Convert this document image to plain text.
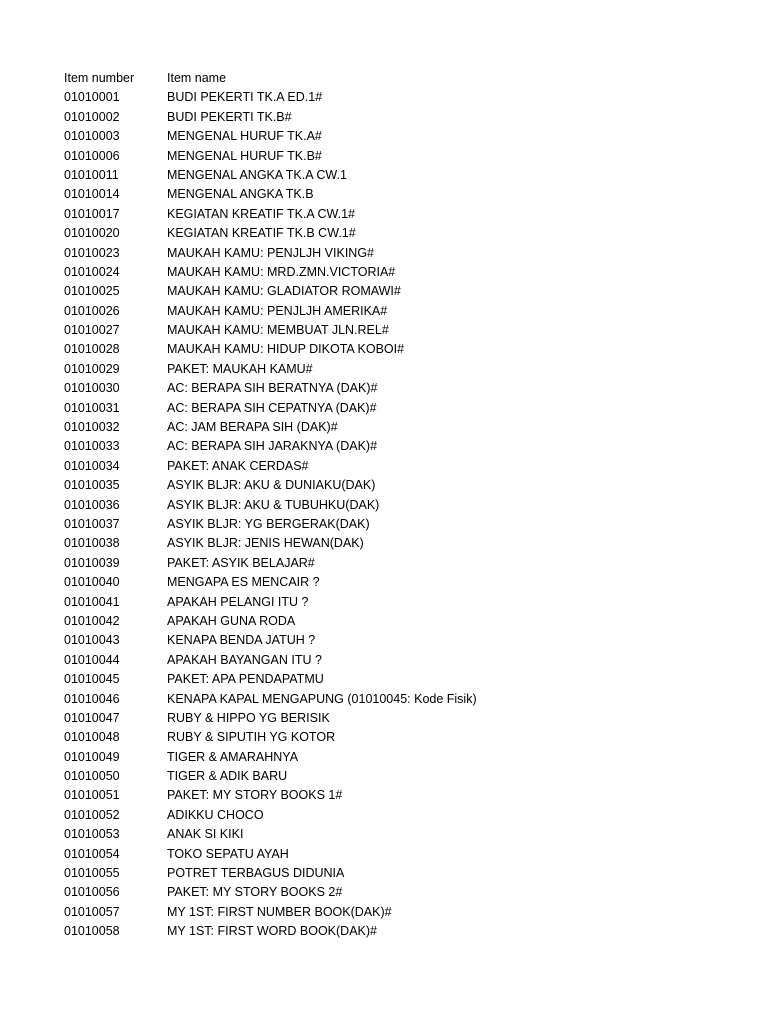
Item number	Item name
01010001	BUDI PEKERTI TK.A ED.1#
01010002	BUDI PEKERTI TK.B#
01010003	MENGENAL HURUF TK.A#
01010006	MENGENAL HURUF TK.B#
01010011	MENGENAL ANGKA TK.A CW.1
01010014	MENGENAL ANGKA TK.B
01010017	KEGIATAN KREATIF TK.A CW.1#
01010020	KEGIATAN KREATIF TK.B CW.1#
01010023	MAUKAH KAMU: PENJLJH VIKING#
01010024	MAUKAH KAMU: MRD.ZMN.VICTORIA#
01010025	MAUKAH KAMU: GLADIATOR ROMAWI#
01010026	MAUKAH KAMU: PENJLJH AMERIKA#
01010027	MAUKAH KAMU: MEMBUAT JLN.REL#
01010028	MAUKAH KAMU: HIDUP DIKOTA KOBOI#
01010029	PAKET: MAUKAH KAMU#
01010030	AC: BERAPA SIH BERATNYA (DAK)#
01010031	AC: BERAPA SIH CEPATNYA (DAK)#
01010032	AC: JAM BERAPA SIH (DAK)#
01010033	AC: BERAPA SIH JARAKNYA (DAK)#
01010034	PAKET: ANAK CERDAS#
01010035	ASYIK BLJR: AKU & DUNIAKU(DAK)
01010036	ASYIK BLJR: AKU & TUBUHKU(DAK)
01010037	ASYIK BLJR: YG BERGERAK(DAK)
01010038	ASYIK BLJR: JENIS HEWAN(DAK)
01010039	PAKET: ASYIK BELAJAR#
01010040	MENGAPA ES MENCAIR ?
01010041	APAKAH PELANGI ITU ?
01010042	APAKAH GUNA RODA
01010043	KENAPA BENDA JATUH ?
01010044	APAKAH BAYANGAN ITU ?
01010045	PAKET: APA PENDAPATMU
01010046	KENAPA KAPAL MENGAPUNG (01010045: Kode Fisik)
01010047	RUBY & HIPPO YG BERISIK
01010048	RUBY & SIPUTIH YG KOTOR
01010049	TIGER & AMARAHNYA
01010050	TIGER & ADIK BARU
01010051	PAKET: MY STORY BOOKS 1#
01010052	ADIKKU CHOCO
01010053	ANAK SI KIKI
01010054	TOKO SEPATU AYAH
01010055	POTRET TERBAGUS DIDUNIA
01010056	PAKET: MY STORY BOOKS 2#
01010057	MY 1ST: FIRST NUMBER BOOK(DAK)#
01010058	MY 1ST: FIRST WORD BOOK(DAK)#
